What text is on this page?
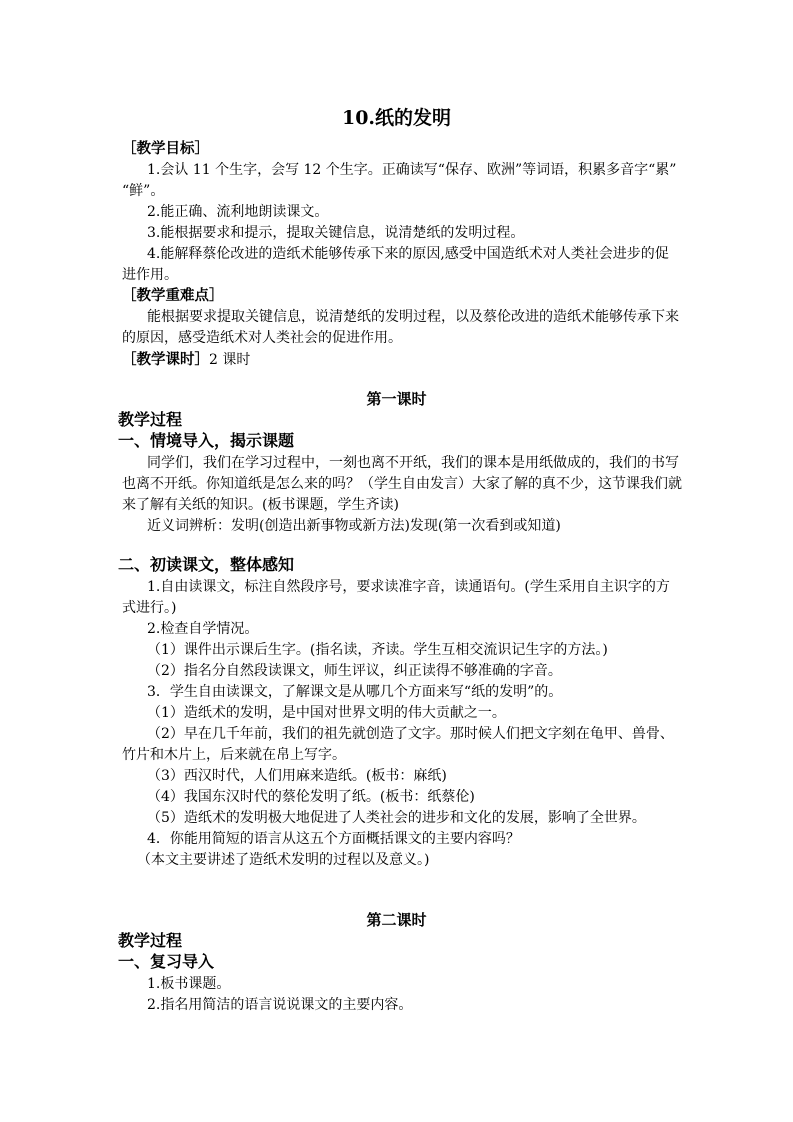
10.纸的发明
［教学目标］
1.会认 11 个生字，会写 12 个生字。正确读写“保存、欧洲”等词语，积累多音字“累”
“鲜”。
2.能正确、流利地朗读课文。
3.能根据要求和提示，提取关键信息，说清楚纸的发明过程。
4.能解释蔡伦改进的造纸术能够传承下来的原因,感受中国造纸术对人类社会进步的促
进作用。
［教学重难点］
能根据要求提取关键信息，说清楚纸的发明过程，以及蔡伦改进的造纸术能够传承下来
的原因，感受造纸术对人类社会的促进作用。
［教学课时］2 课时
第一课时
教学过程
一、情境导入，揭示课题
同学们，我们在学习过程中，一刻也离不开纸，我们的课本是用纸做成的，我们的书写
也离不开纸。你知道纸是怎么来的吗？（学生自由发言）大家了解的真不少，这节课我们就
来了解有关纸的知识。(板书课题，学生齐读)
近义词辨析：发明(创造出新事物或新方法)发现(第一次看到或知道)
二、初读课文，整体感知
1.自由读课文，标注自然段序号，要求读准字音，读通语句。(学生采用自主识字的方
式进行。)
2.检查自学情况。
（1）课件出示课后生字。(指名读，齐读。学生互相交流识记生字的方法。)
（2）指名分自然段读课文，师生评议，纠正读得不够准确的字音。
3．学生自由读课文，了解课文是从哪几个方面来写“纸的发明”的。
（1）造纸术的发明，是中国对世界文明的伟大贡献之一。
（2）早在几千年前，我们的祖先就创造了文字。那时候人们把文字刻在龟甲、兽骨、
竹片和木片上，后来就在帛上写字。
（3）西汉时代，人们用麻来造纸。(板书：麻纸)
（4）我国东汉时代的蔡伦发明了纸。(板书：纸蔡伦)
（5）造纸术的发明极大地促进了人类社会的进步和文化的发展，影响了全世界。
4．你能用简短的语言从这五个方面概括课文的主要内容吗？
（本文主要讲述了造纸术发明的过程以及意义。)
第二课时
教学过程
一、复习导入
1.板书课题。
2.指名用简洁的语言说说课文的主要内容。
